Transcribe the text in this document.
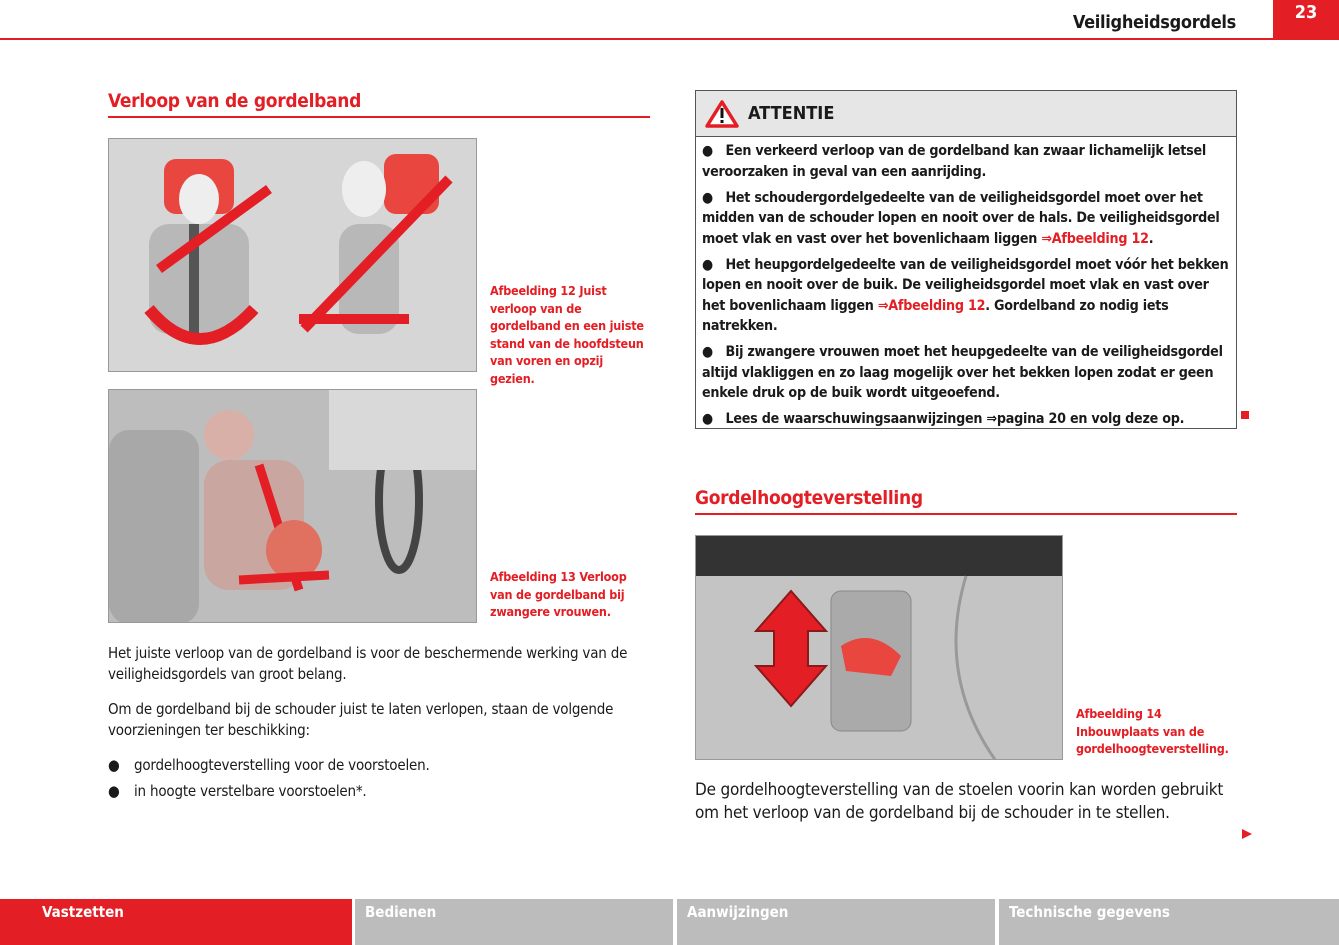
Veiligheidsgordels	23
Verloop van de gordelband
Afbeelding 12 Juist verloop van de gordelband en een juiste stand van de hoofdsteun van voren en opzij gezien.
Afbeelding 13 Verloop van de gordelband bij zwangere vrouwen.
Het juiste verloop van de gordelband is voor de beschermende werking van de veiligheidsgordels van groot belang.
Om de gordelband bij de schouder juist te laten verlopen, staan de volgende voorzieningen ter beschikking:
● gordelhoogteverstelling voor de voorstoelen.
● in hoogte verstelbare voorstoelen*.
ATTENTIE

●   Een verkeerd verloop van de gordelband kan zwaar lichamelijk letsel veroorzaken in geval van een aanrijding.

●   Het schoudergordelgedeelte van de veiligheidsgordel moet over het midden van de schouder lopen en nooit over de hals. De veiligheidsgordel moet vlak en vast over het bovenlichaam liggen ⇒Afbeelding 12.

●   Het heupgordelgedeelte van de veiligheidsgordel moet vóór het bekken lopen en nooit over de buik. De veiligheidsgordel moet vlak en vast over het bovenlichaam liggen ⇒Afbeelding 12. Gordelband zo nodig iets natrekken.

●   Bij zwangere vrouwen moet het heupgedeelte van de veiligheidsgordel altijd vlakliggen en zo laag mogelijk over het bekken lopen zodat er geen enkele druk op de buik wordt uitgeoefend.

●   Lees de waarschuwingsaanwijzingen ⇒pagina 20 en volg deze op.

Gordelhoogteverstelling
Afbeelding 14 Inbouwplaats van de gordelhoogteverstelling.
De gordelhoogteverstelling van de stoelen voorin kan worden gebruikt om het verloop van de gordelband bij de schouder in te stellen.
Vastzetten	Bedienen	Aanwijzingen	Technische gegevens
